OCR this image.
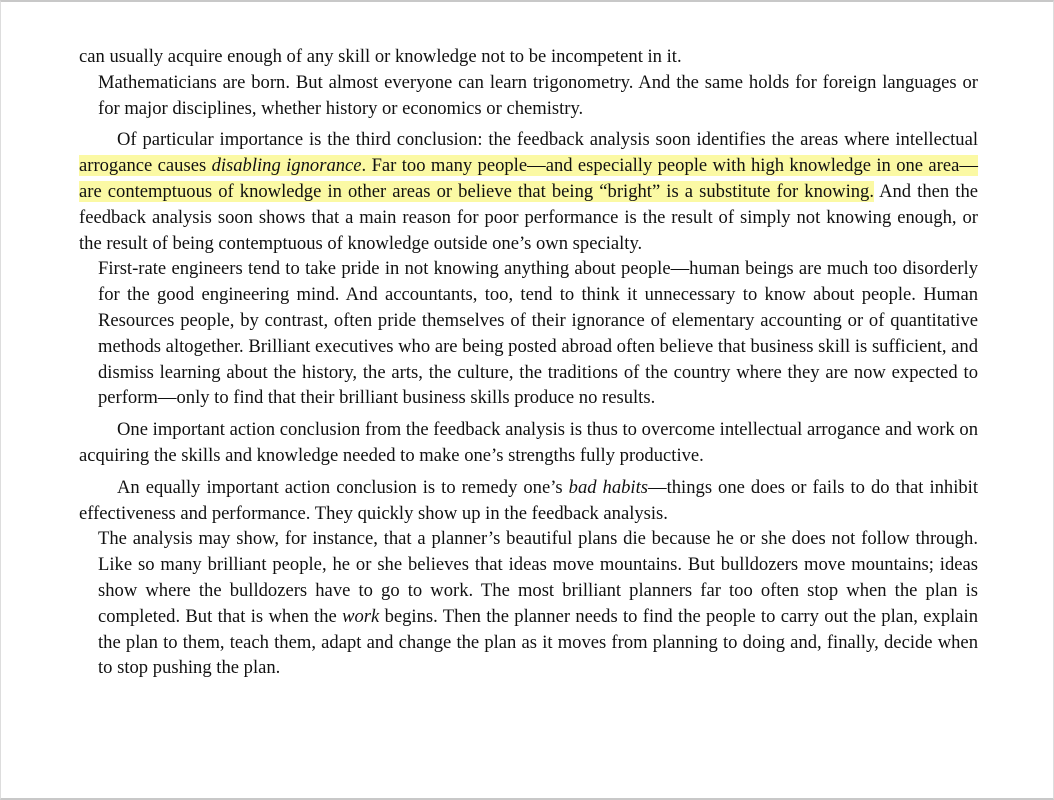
can usually acquire enough of any skill or knowledge not to be incompetent in it.

Mathematicians are born. But almost everyone can learn trigonometry. And the same holds for foreign languages or for major disciplines, whether history or economics or chemistry.

Of particular importance is the third conclusion: the feedback analysis soon identifies the areas where intellectual arrogance causes disabling ignorance. Far too many people—and especially people with high knowledge in one area—are contemptuous of knowledge in other areas or believe that being “bright” is a substitute for knowing. And then the feedback analysis soon shows that a main reason for poor performance is the result of simply not knowing enough, or the result of being contemptuous of knowledge outside one’s own specialty.

First-rate engineers tend to take pride in not knowing anything about people—human beings are much too disorderly for the good engineering mind. And accountants, too, tend to think it unnecessary to know about people. Human Resources people, by contrast, often pride themselves of their ignorance of elementary accounting or of quantitative methods altogether. Brilliant executives who are being posted abroad often believe that business skill is sufficient, and dismiss learning about the history, the arts, the culture, the traditions of the country where they are now expected to perform—only to find that their brilliant business skills produce no results.

One important action conclusion from the feedback analysis is thus to overcome intellectual arrogance and work on acquiring the skills and knowledge needed to make one’s strengths fully productive.

An equally important action conclusion is to remedy one’s bad habits—things one does or fails to do that inhibit effectiveness and performance. They quickly show up in the feedback analysis.

The analysis may show, for instance, that a planner’s beautiful plans die because he or she does not follow through. Like so many brilliant people, he or she believes that ideas move mountains. But bulldozers move mountains; ideas show where the bulldozers have to go to work. The most brilliant planners far too often stop when the plan is completed. But that is when the work begins. Then the planner needs to find the people to carry out the plan, explain the plan to them, teach them, adapt and change the plan as it moves from planning to doing and, finally, decide when to stop pushing the plan.
